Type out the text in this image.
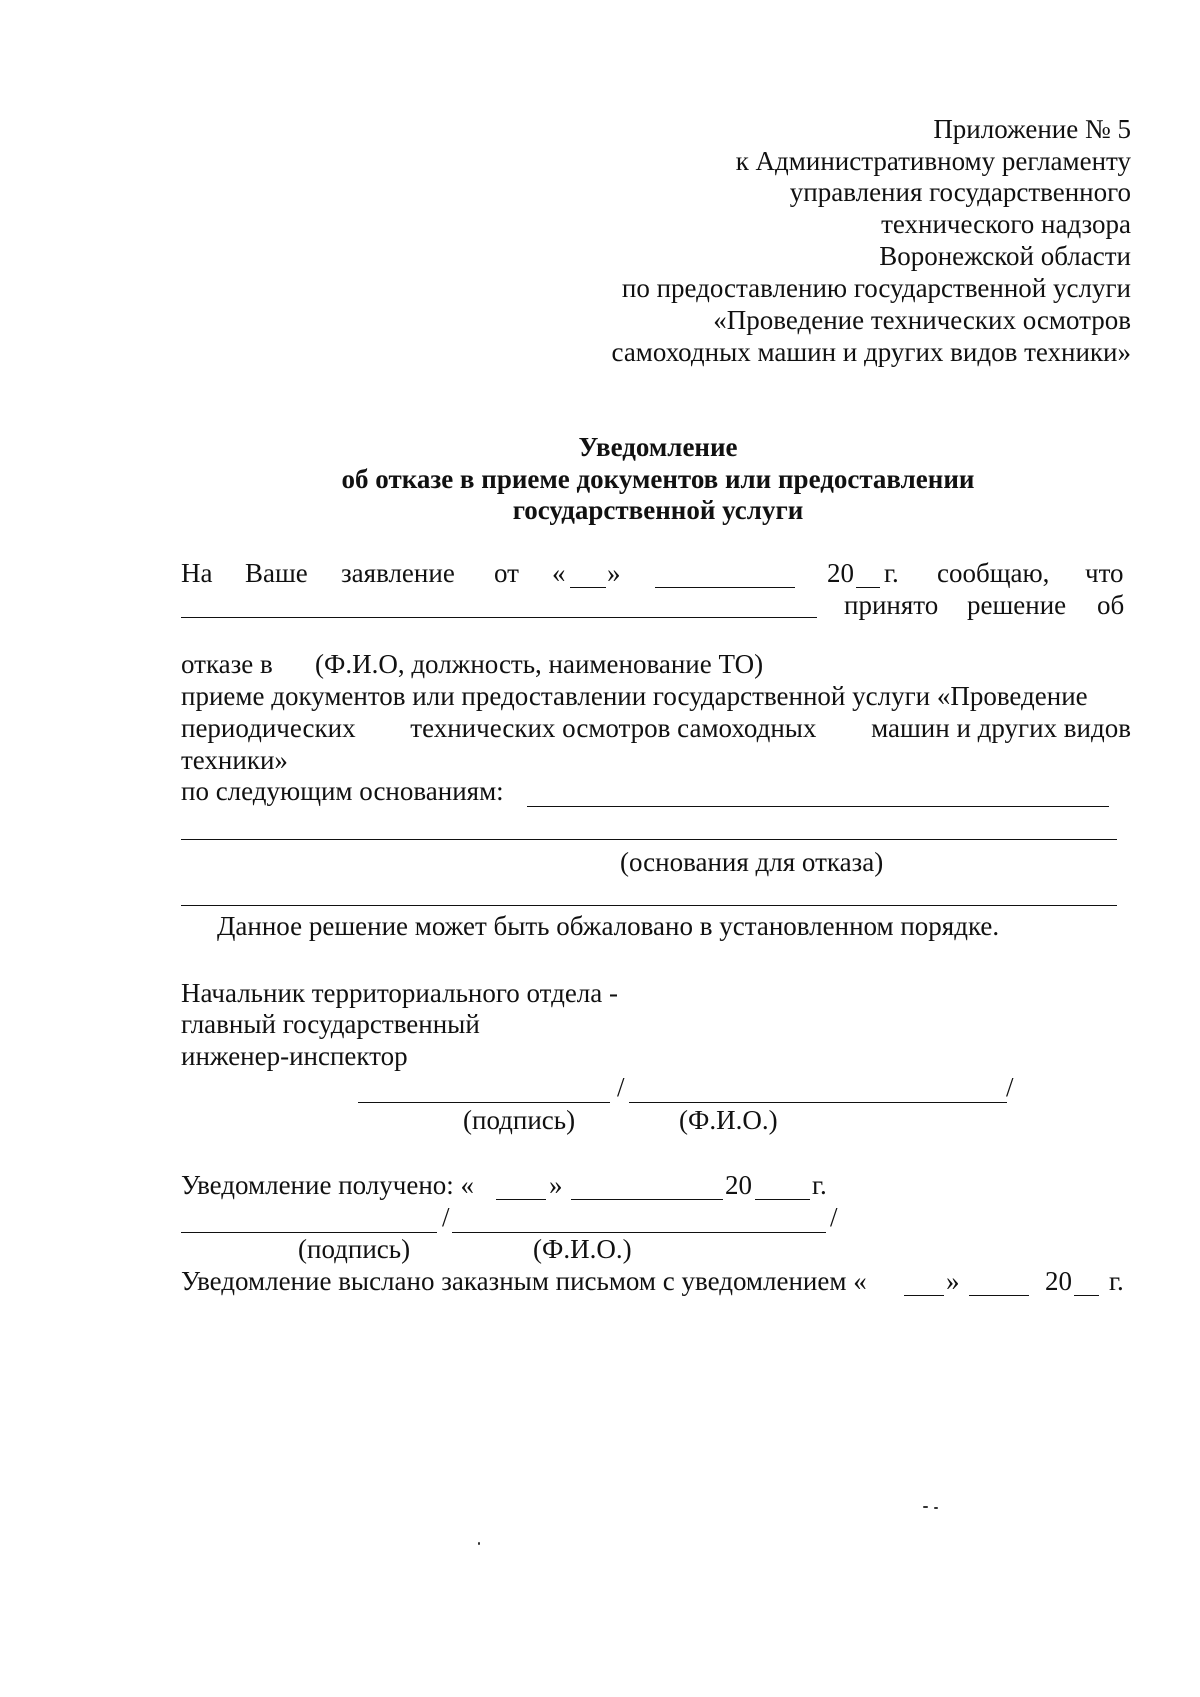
Приложение № 5
к Административному регламенту
управления государственного
технического надзора
Воронежской области
по предоставлению государственной услуги
«Проведение технических осмотров
самоходных машин и других видов техники»
Уведомление
об отказе в приеме документов или предоставлении
государственной услуги
На Ваше заявление от « »	20 г. сообщаю, что
принято решение об
отказе в (Ф.И.О, должность, наименование ТО)
приеме документов или предоставлении государственной услуги «Проведение
периодических технических осмотров самоходных машин и других видов
техники»
по следующим основаниям:
(основания для отказа)
Данное решение может быть обжаловано в установленном порядке.
Начальник территориального отдела -
главный государственный
инженер-инспектор
/	/
(подпись)	(Ф.И.О.)
Уведомление получено: «	»	20 г.
/	/
(подпись)	(Ф.И.О.)
Уведомление выслано заказным письмом с уведомлением «	»	20 г.
